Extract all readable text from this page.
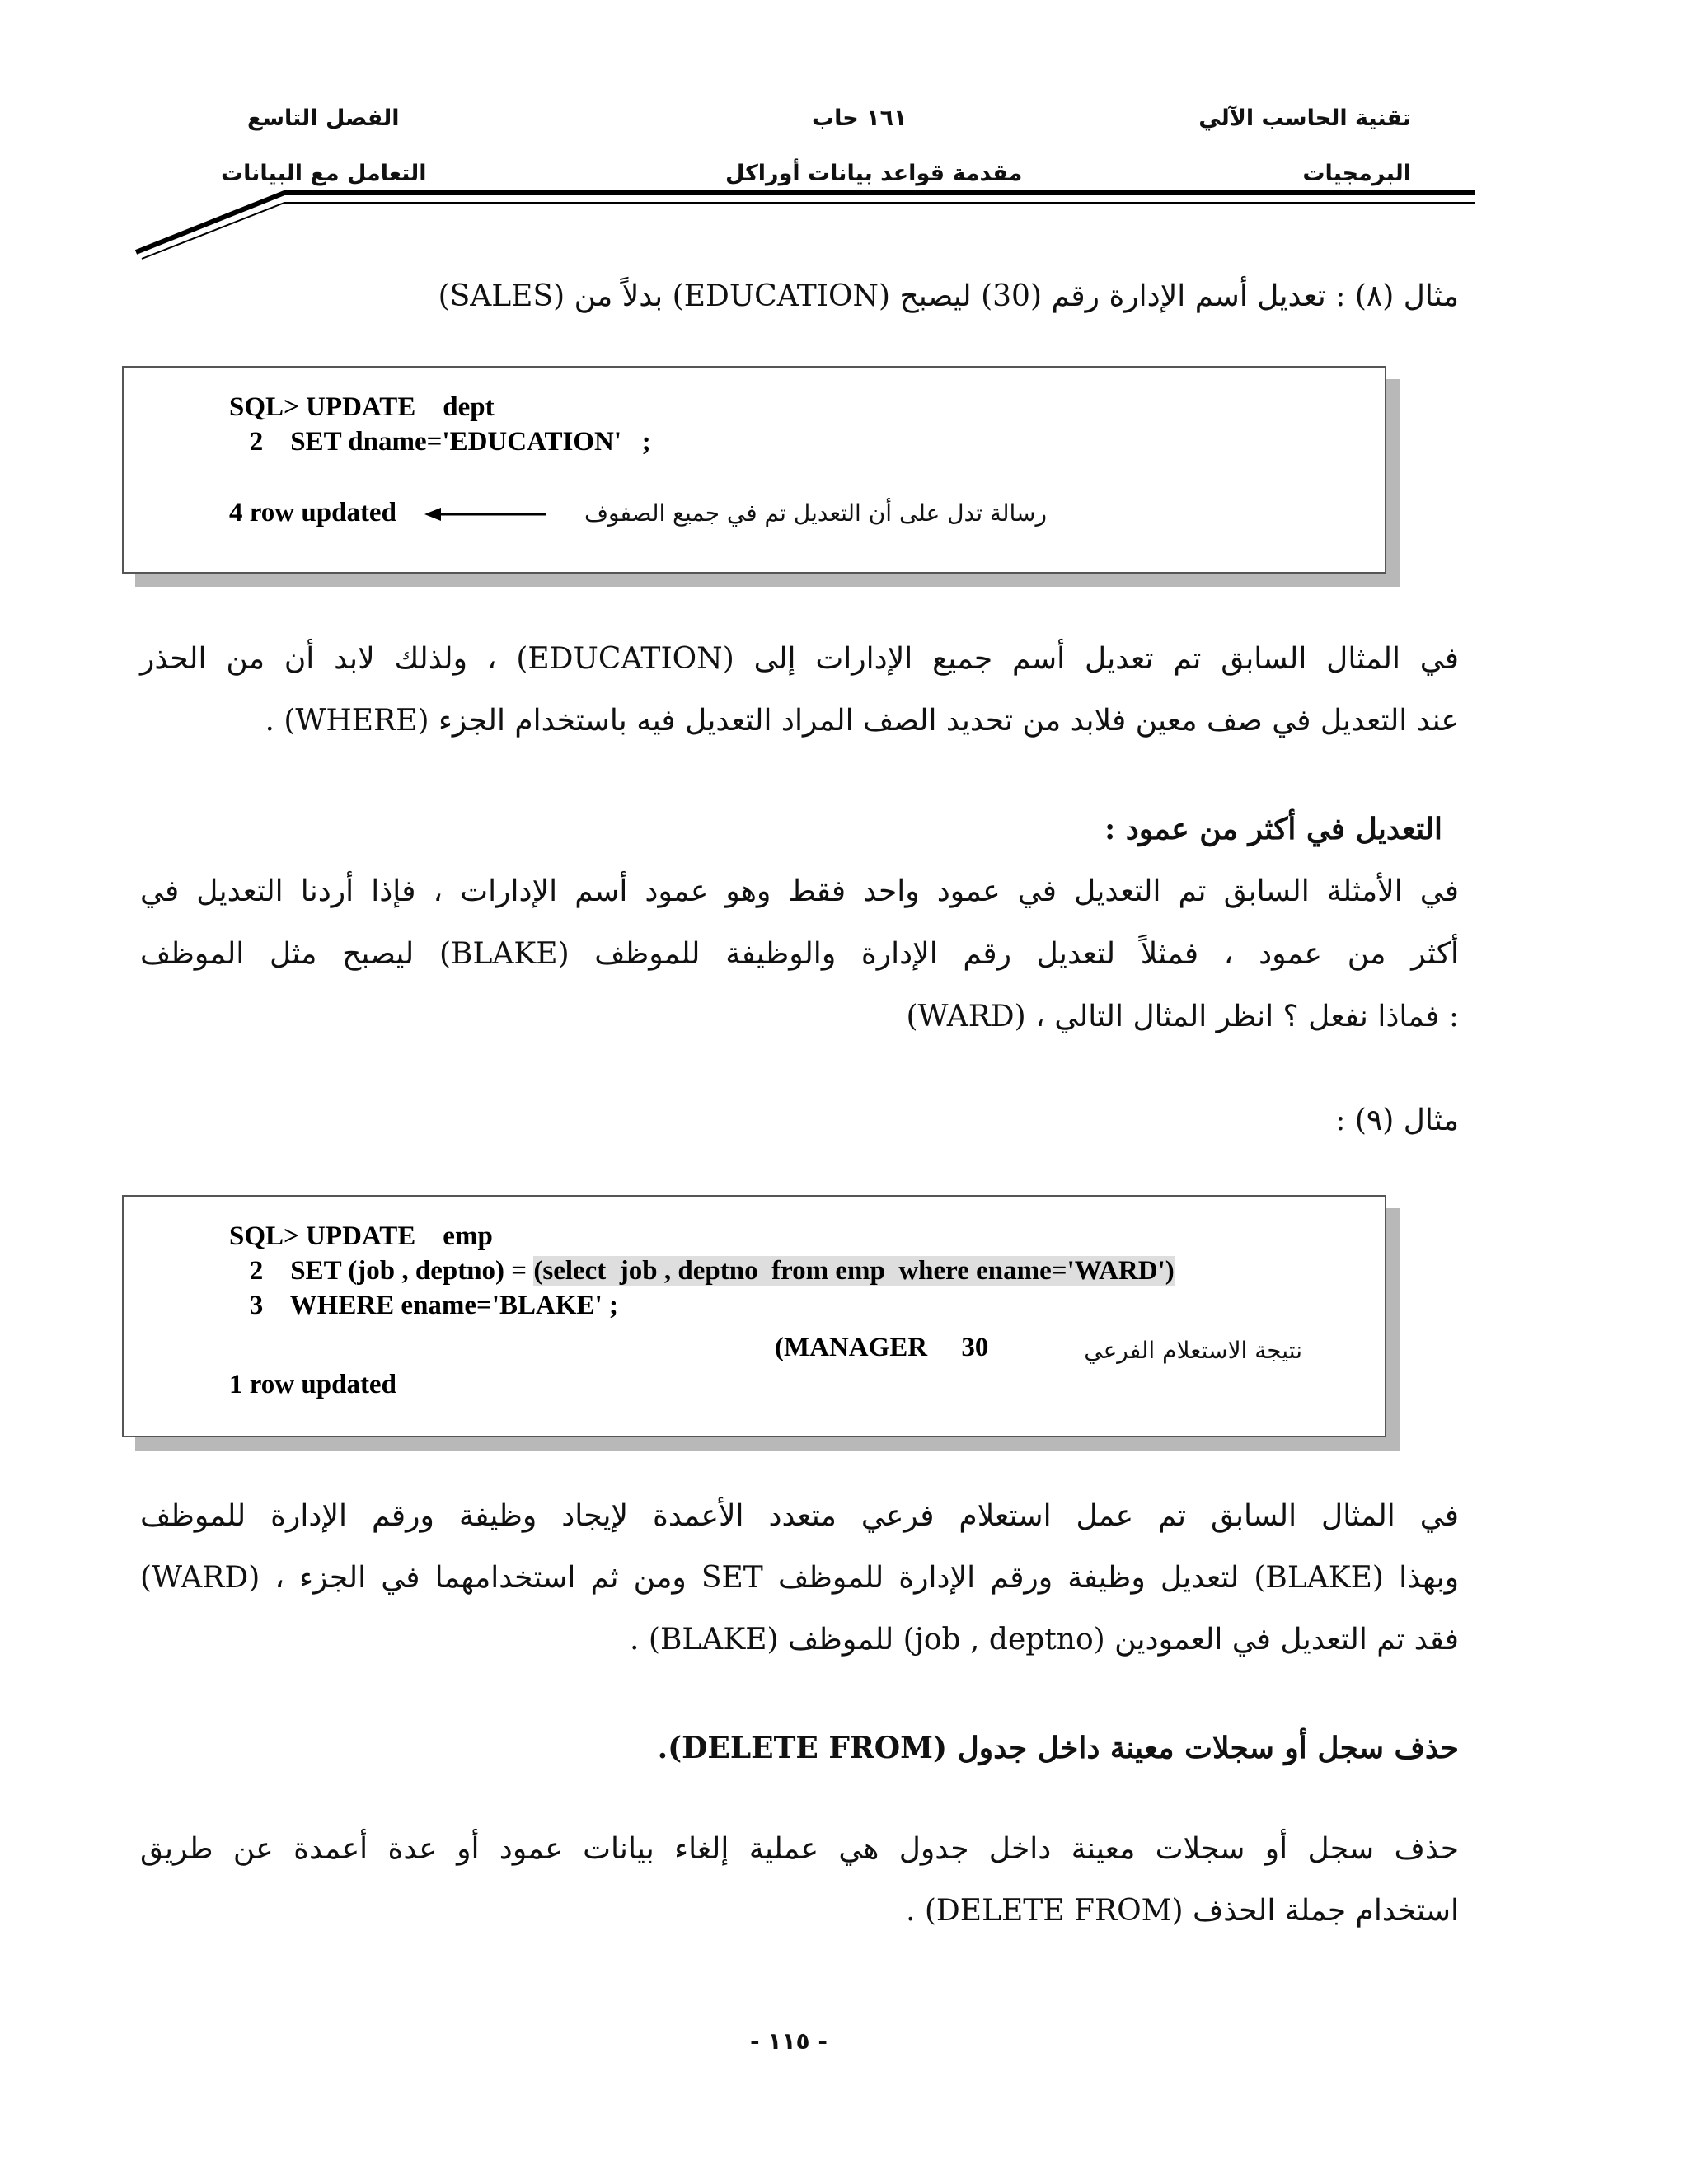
تقنية الحاسب الآلي
البرمجيات
١٦١ حاب
مقدمة قواعد بيانات أوراكل
الفصل التاسع
التعامل مع البيانات
مثال (٨) : تعديل أسم الإدارة رقم (30) ليصبح (EDUCATION) بدلاً من (SALES)
SQL> UPDATE    dept
2    SET dname='EDUCATION'   ;
4 row updated	رسالة تدل على أن التعديل تم في جميع الصفوف
في المثال السابق تم تعديل أسم جميع الإدارات إلى (EDUCATION) ، ولذلك لابد أن من الحذر
عند التعديل في صف معين فلابد من تحديد الصف المراد التعديل فيه باستخدام الجزء (WHERE) .
التعديل في أكثر من عمود :
في الأمثلة السابق تم التعديل في عمود واحد فقط وهو عمود أسم الإدارات ، فإذا أردنا التعديل في
أكثر من عمود ، فمثلاً لتعديل رقم الإدارة والوظيفة للموظف (BLAKE) ليصبح مثل الموظف
(WARD) ، فماذا نفعل ؟ انظر المثال التالي :
مثال (٩) :
SQL> UPDATE    emp
2    SET (job , deptno) = (select  job , deptno  from emp  where ename='WARD')
3    WHERE ename='BLAKE' ;
(MANAGER     30	نتيجة الاستعلام الفرعي
1 row updated
في المثال السابق تم عمل استعلام فرعي متعدد الأعمدة لإيجاد وظيفة ورقم الإدارة للموظف
(WARD) ، ومن ثم استخدامهما في الجزء SET لتعديل وظيفة ورقم الإدارة للموظف (BLAKE) وبهذا
فقد تم التعديل في العمودين (job , deptno) للموظف (BLAKE) .
حذف سجل أو سجلات معينة داخل جدول (DELETE FROM).
حذف سجل أو سجلات معينة داخل جدول هي عملية إلغاء بيانات عمود أو عدة أعمدة عن طريق
استخدام جملة الحذف (DELETE FROM) .
- ١١٥ -
